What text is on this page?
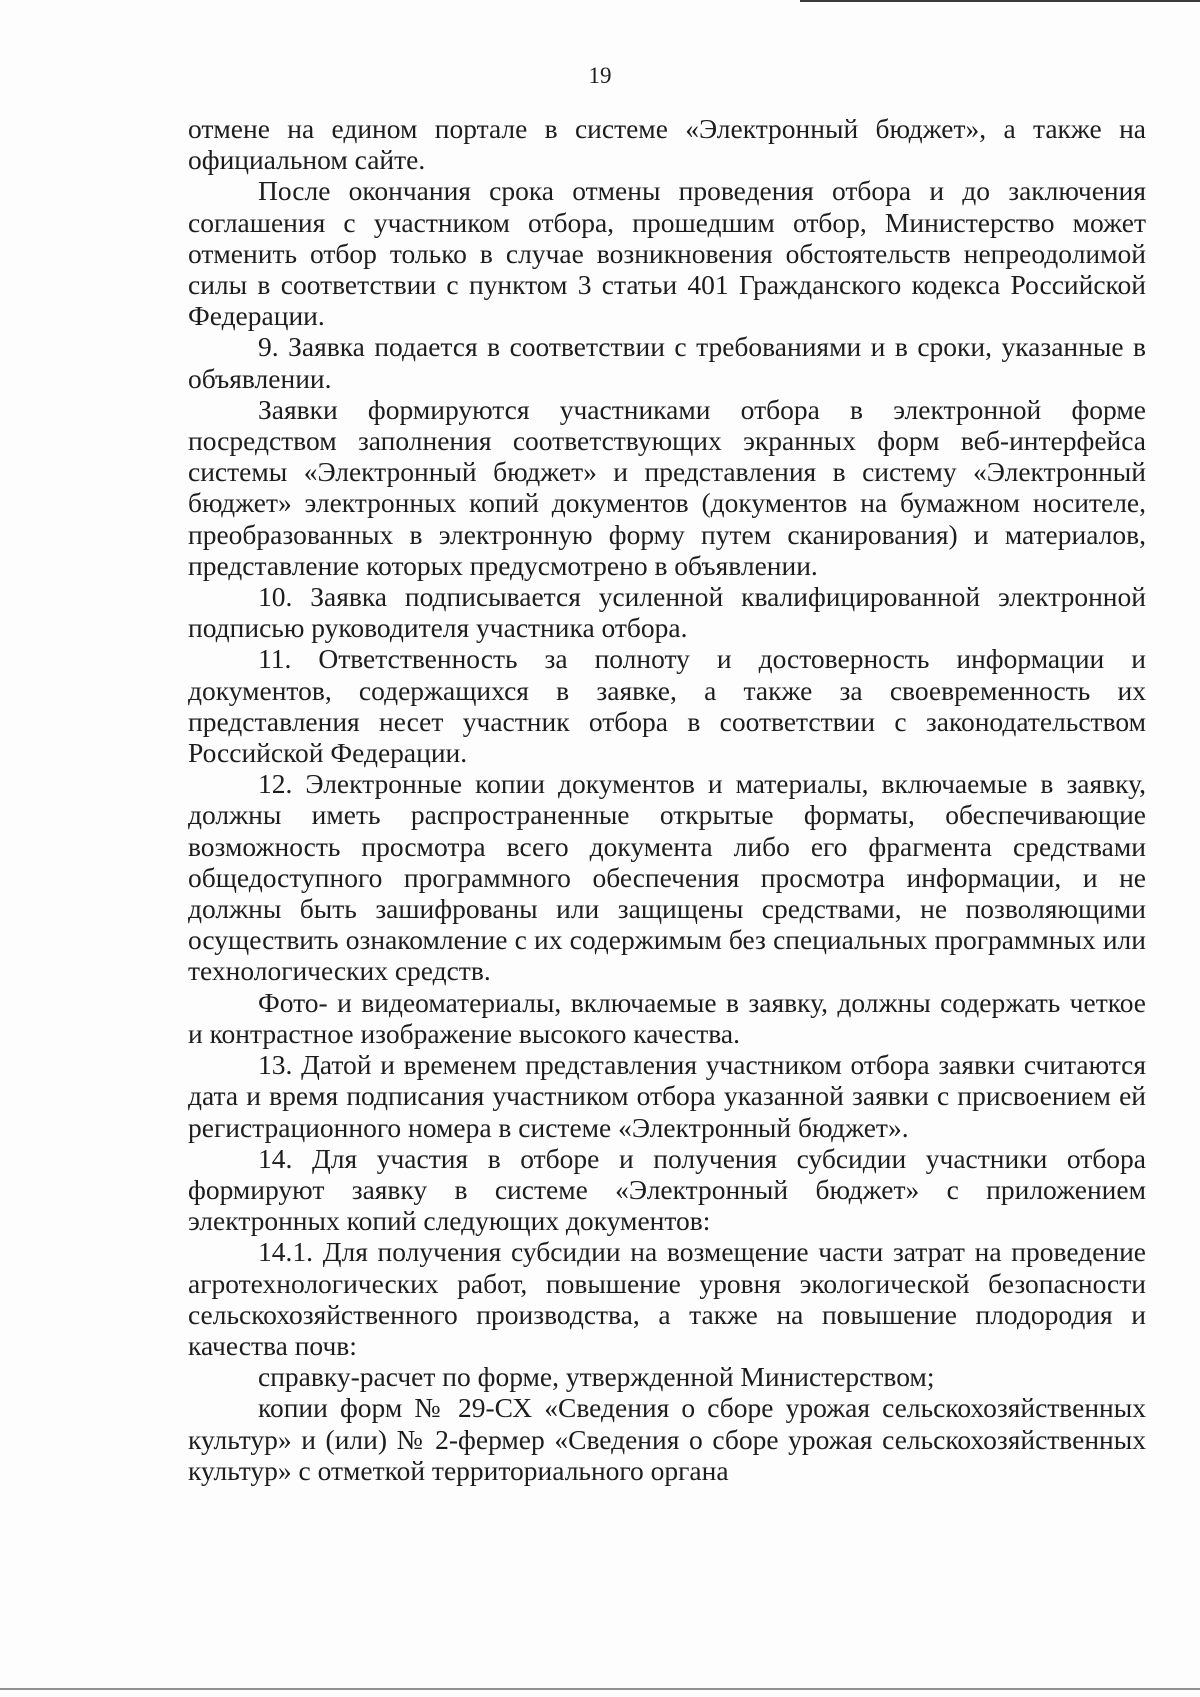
19

отмене на едином портале в системе «Электронный бюджет», а также на официальном сайте.

После окончания срока отмены проведения отбора и до заключения соглашения с участником отбора, прошедшим отбор, Министерство может отменить отбор только в случае возникновения обстоятельств непреодолимой силы в соответствии с пунктом 3 статьи 401 Гражданского кодекса Российской Федерации.

9. Заявка подается в соответствии с требованиями и в сроки, указанные в объявлении.

Заявки формируются участниками отбора в электронной форме посредством заполнения соответствующих экранных форм веб-интерфейса системы «Электронный бюджет» и представления в систему «Электронный бюджет» электронных копий документов (документов на бумажном носителе, преобразованных в электронную форму путем сканирования) и материалов, представление которых предусмотрено в объявлении.

10. Заявка подписывается усиленной квалифицированной электронной подписью руководителя участника отбора.

11. Ответственность за полноту и достоверность информации и документов, содержащихся в заявке, а также за своевременность их представления несет участник отбора в соответствии с законодательством Российской Федерации.

12. Электронные копии документов и материалы, включаемые в заявку, должны иметь распространенные открытые форматы, обеспечивающие возможность просмотра всего документа либо его фрагмента средствами общедоступного программного обеспечения просмотра информации, и не должны быть зашифрованы или защищены средствами, не позволяющими осуществить ознакомление с их содержимым без специальных программных или технологических средств.

Фото- и видеоматериалы, включаемые в заявку, должны содержать четкое и контрастное изображение высокого качества.

13. Датой и временем представления участником отбора заявки считаются дата и время подписания участником отбора указанной заявки с присвоением ей регистрационного номера в системе «Электронный бюджет».

14. Для участия в отборе и получения субсидии участники отбора формируют заявку в системе «Электронный бюджет» с приложением электронных копий следующих документов:

14.1. Для получения субсидии на возмещение части затрат на проведение агротехнологических работ, повышение уровня экологической безопасности сельскохозяйственного производства, а также на повышение плодородия и качества почв:

справку-расчет по форме, утвержденной Министерством;

копии форм № 29-СХ «Сведения о сборе урожая сельскохозяйственных культур» и (или) № 2-фермер «Сведения о сборе урожая сельскохозяйственных культур» с отметкой территориального органа
